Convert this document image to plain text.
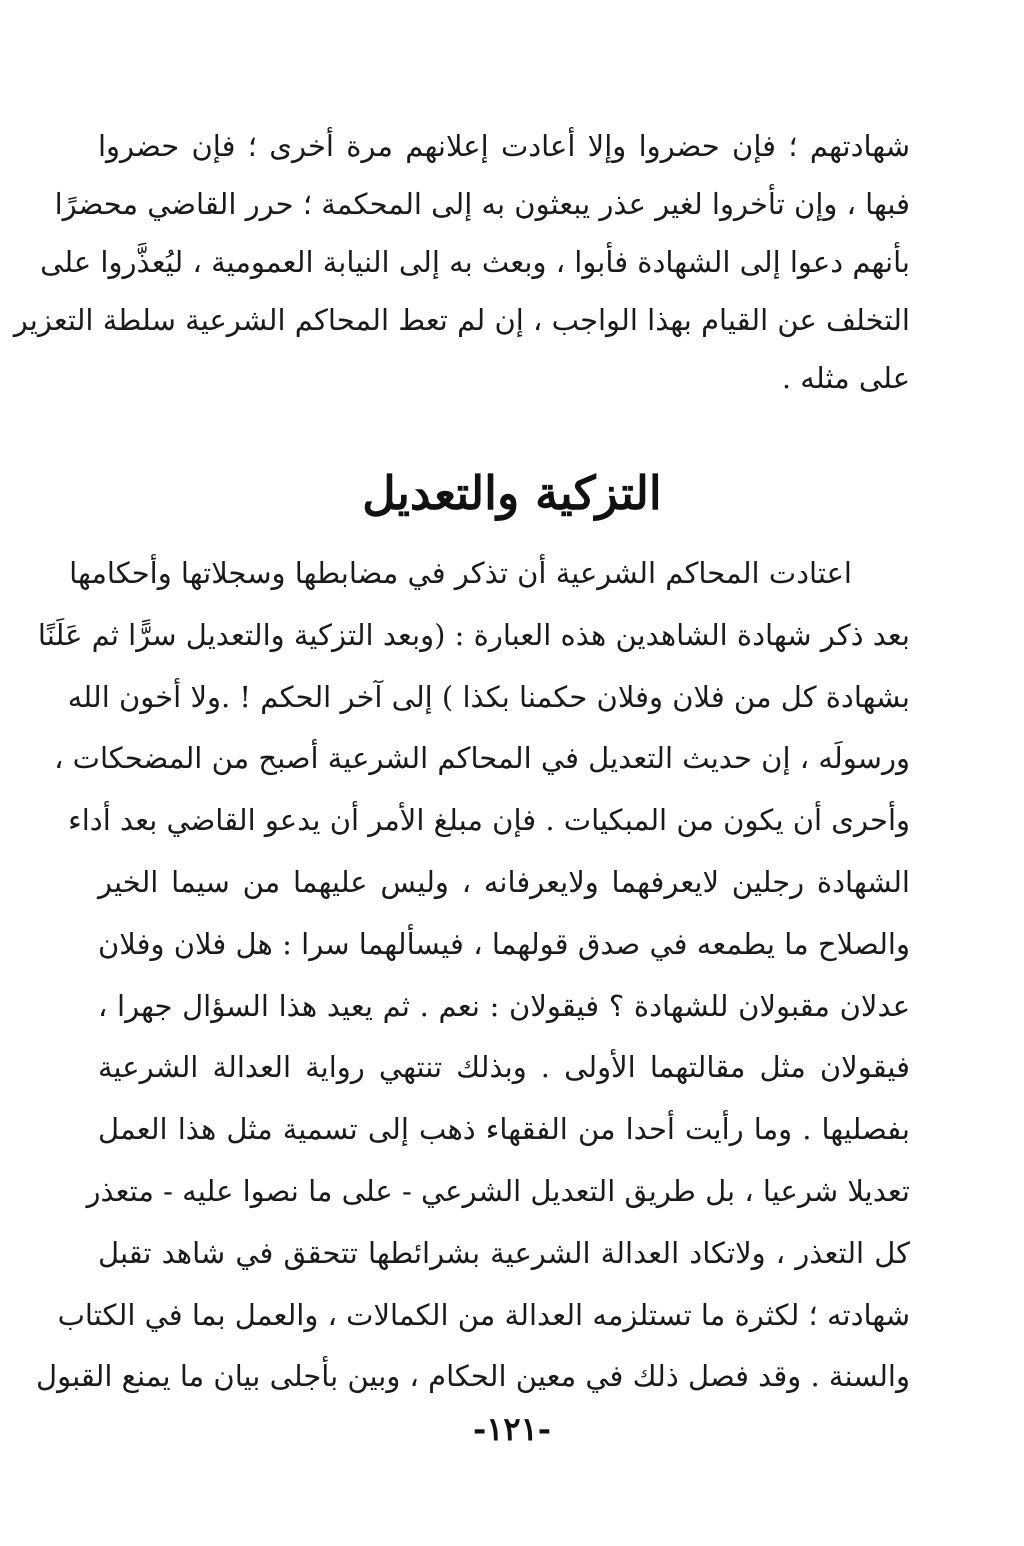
شهادتهم ؛ فإن حضروا وإلا أعادت إعلانهم مرة أخرى ؛ فإن حضروا
فبها ، وإن تأخروا لغير عذر يبعثون به إلى المحكمة ؛ حرر القاضي محضرًا
بأنهم دعوا إلى الشهادة فأبوا ، وبعث به إلى النيابة العمومية ، ليُعذَّروا على
التخلف عن القيام بهذا الواجب ، إن لم تعط المحاكم الشرعية سلطة التعزير
على مثله .
التزكية والتعديل
اعتادت المحاكم الشرعية أن تذكر في مضابطها وسجلاتها وأحكامها
بعد ذكر شهادة الشاهدين هذه العبارة : (وبعد التزكية والتعديل سرًّا ثم عَلَنًا
بشهادة كل من فلان وفلان حكمنا بكذا ) إلى آخر الحكم ! .ولا أخون الله
ورسولَه ، إن حديث التعديل في المحاكم الشرعية أصبح من المضحكات ،
وأحرى أن يكون من المبكيات . فإن مبلغ الأمر أن يدعو القاضي بعد أداء
الشهادة رجلين لايعرفهما ولايعرفانه ، وليس عليهما من سيما الخير
والصلاح ما يطمعه في صدق قولهما ، فيسألهما سرا : هل فلان وفلان
عدلان مقبولان للشهادة ؟ فيقولان : نعم . ثم يعيد هذا السؤال جهرا ،
فيقولان مثل مقالتهما الأولى . وبذلك تنتهي رواية العدالة الشرعية
بفصليها . وما رأيت أحدا من الفقهاء ذهب إلى تسمية مثل هذا العمل
تعديلا شرعيا ، بل طريق التعديل الشرعي - على ما نصوا عليه - متعذر
كل التعذر ، ولاتكاد العدالة الشرعية بشرائطها تتحقق في شاهد تقبل
شهادته ؛ لكثرة ما تستلزمه العدالة من الكمالات ، والعمل بما في الكتاب
والسنة . وقد فصل ذلك في معين الحكام ، وبين بأجلى بيان ما يمنع القبول
-١٢١-
